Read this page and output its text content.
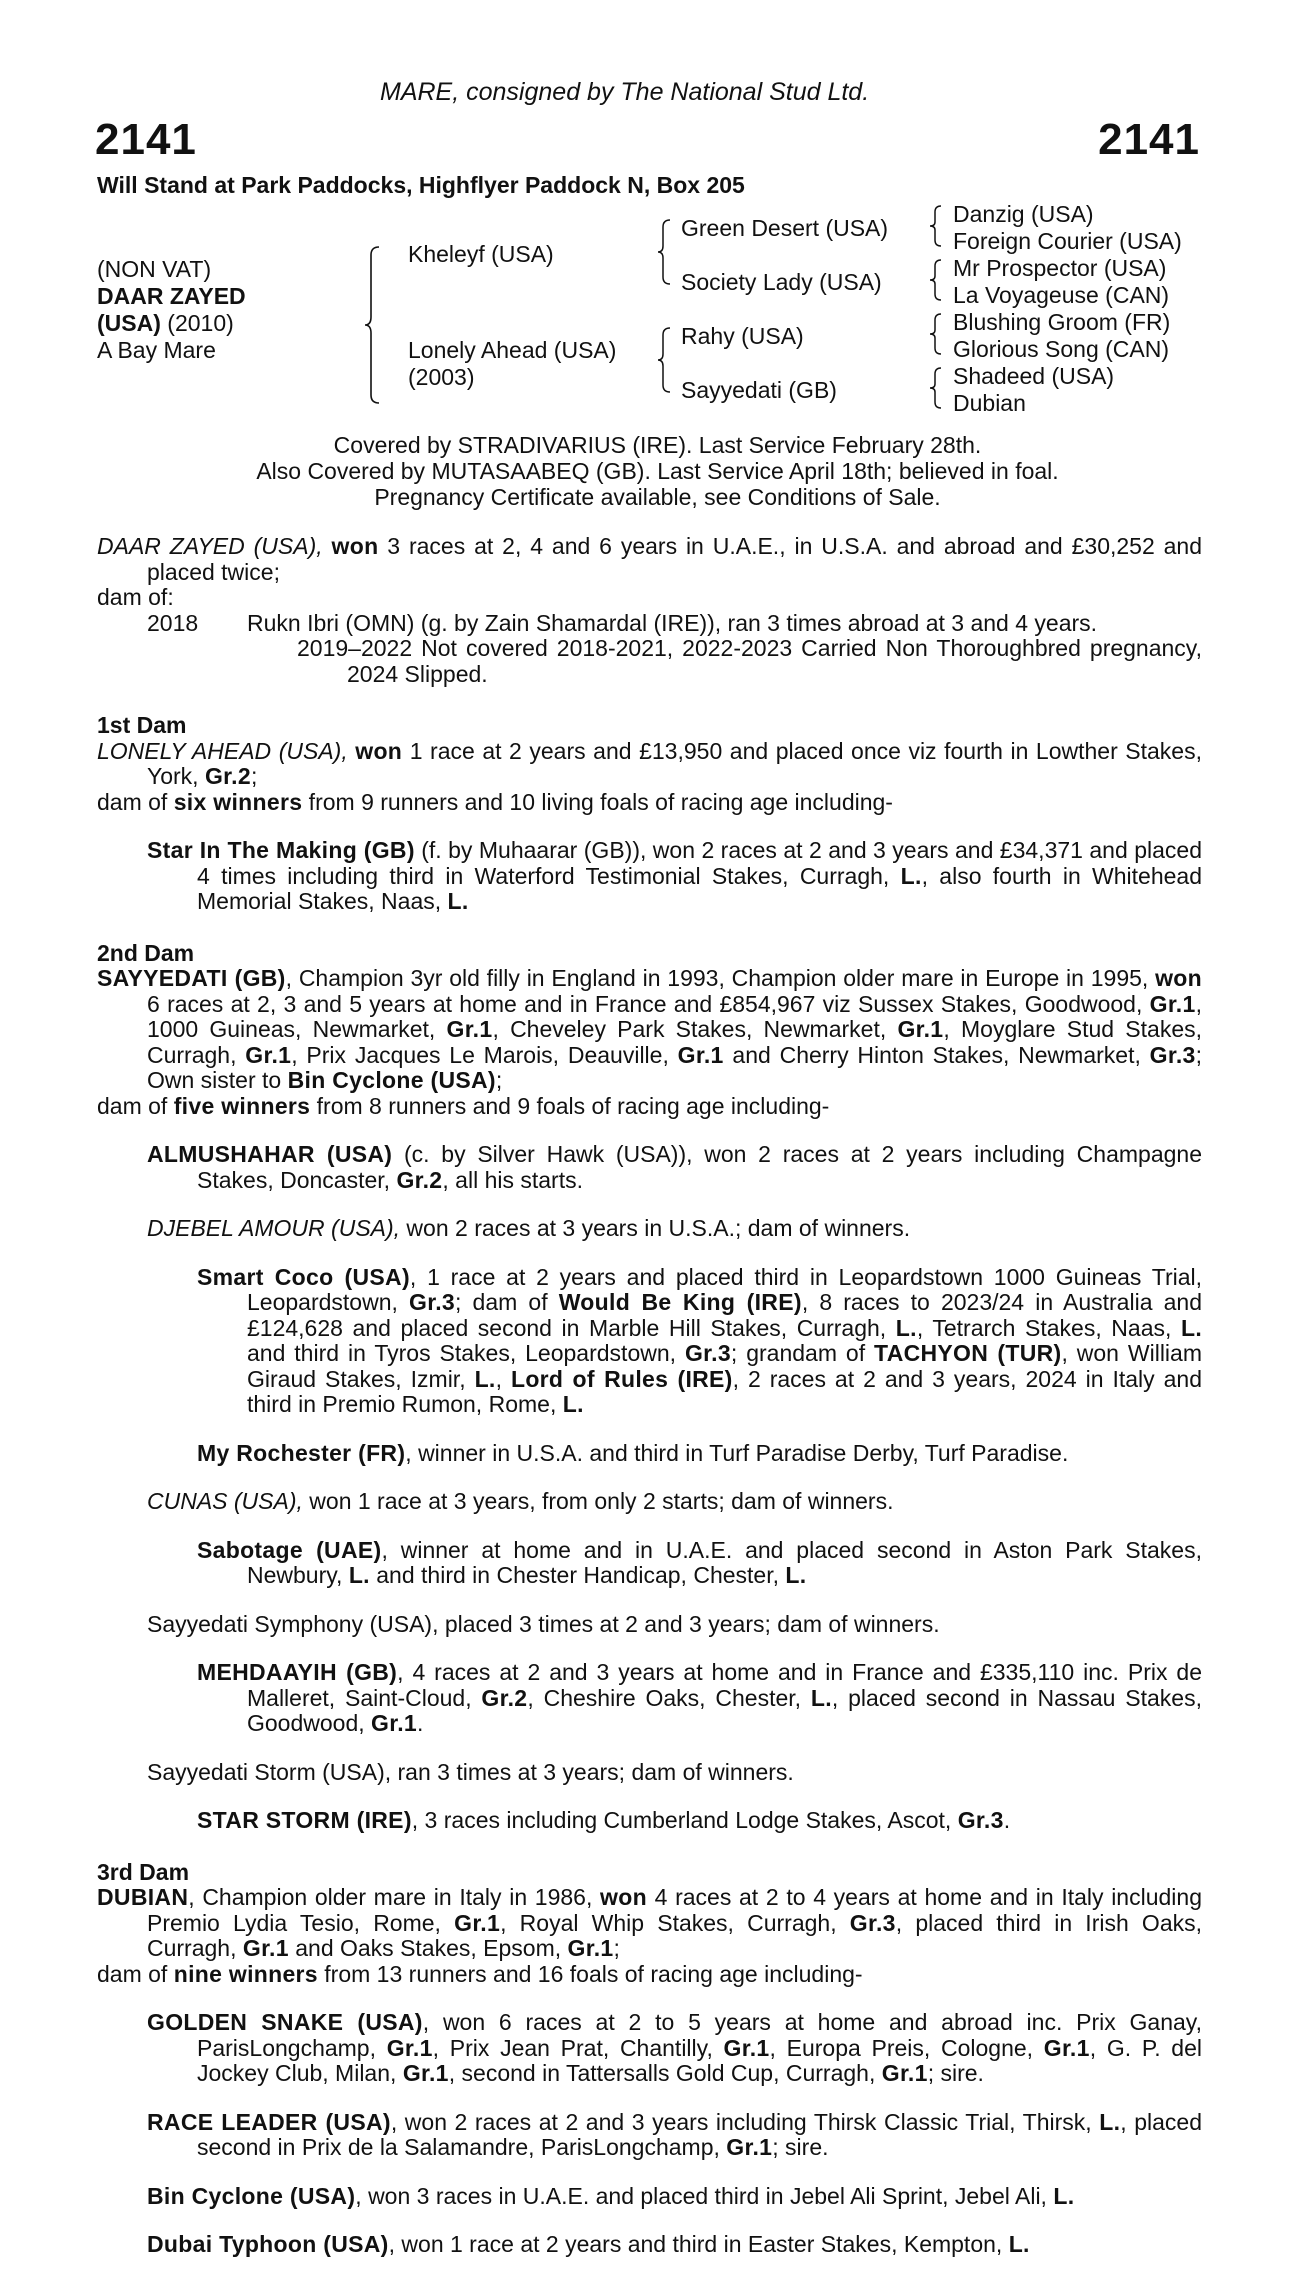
MARE, consigned by The National Stud Ltd.
2141	2141
Will Stand at Park Paddocks, Highflyer Paddock N, Box 205
(NON VAT)
DAAR ZAYED
(USA) (2010)
A Bay Mare
Kheleyf (USA)
Lonely Ahead (USA)
(2003)
Green Desert (USA)
Society Lady (USA)
Rahy (USA)
Sayyedati (GB)
Danzig (USA)
Foreign Courier (USA)
Mr Prospector (USA)
La Voyageuse (CAN)
Blushing Groom (FR)
Glorious Song (CAN)
Shadeed (USA)
Dubian
Covered by STRADIVARIUS (IRE). Last Service February 28th.
Also Covered by MUTASAABEQ (GB). Last Service April 18th; believed in foal.
Pregnancy Certificate available, see Conditions of Sale.

DAAR ZAYED (USA), won 3 races at 2, 4 and 6 years in U.A.E., in U.S.A. and abroad and £30,252 and placed twice;

dam of:

2018	Rukn Ibri (OMN) (g. by Zain Shamardal (IRE)), ran 3 times abroad at 3 and 4 years.
2019–2022 Not covered 2018-2021, 2022-2023 Carried Non Thoroughbred pregnancy, 2024 Slipped.
1st Dam

LONELY AHEAD (USA), won 1 race at 2 years and £13,950 and placed once viz fourth in Lowther Stakes, York, Gr.2;

dam of six winners from 9 runners and 10 living foals of racing age including-

Star In The Making (GB) (f. by Muhaarar (GB)), won 2 races at 2 and 3 years and £34,371 and placed 4 times including third in Waterford Testimonial Stakes, Curragh, L., also fourth in Whitehead Memorial Stakes, Naas, L.

2nd Dam

SAYYEDATI (GB), Champion 3yr old filly in England in 1993, Champion older mare in Europe in 1995, won 6 races at 2, 3 and 5 years at home and in France and £854,967 viz Sussex Stakes, Goodwood, Gr.1, 1000 Guineas, Newmarket, Gr.1, Cheveley Park Stakes, Newmarket, Gr.1, Moyglare Stud Stakes, Curragh, Gr.1, Prix Jacques Le Marois, Deauville, Gr.1 and Cherry Hinton Stakes, Newmarket, Gr.3; Own sister to Bin Cyclone (USA);

dam of five winners from 8 runners and 9 foals of racing age including-

ALMUSHAHAR (USA) (c. by Silver Hawk (USA)), won 2 races at 2 years including Champagne Stakes, Doncaster, Gr.2, all his starts.

DJEBEL AMOUR (USA), won 2 races at 3 years in U.S.A.; dam of winners.

Smart Coco (USA), 1 race at 2 years and placed third in Leopardstown 1000 Guineas Trial, Leopardstown, Gr.3; dam of Would Be King (IRE), 8 races to 2023/24 in Australia and £124,628 and placed second in Marble Hill Stakes, Curragh, L., Tetrarch Stakes, Naas, L. and third in Tyros Stakes, Leopardstown, Gr.3; grandam of TACHYON (TUR), won William Giraud Stakes, Izmir, L., Lord of Rules (IRE), 2 races at 2 and 3 years, 2024 in Italy and third in Premio Rumon, Rome, L.

My Rochester (FR), winner in U.S.A. and third in Turf Paradise Derby, Turf Paradise.

CUNAS (USA), won 1 race at 3 years, from only 2 starts; dam of winners.

Sabotage (UAE), winner at home and in U.A.E. and placed second in Aston Park Stakes, Newbury, L. and third in Chester Handicap, Chester, L.

Sayyedati Symphony (USA), placed 3 times at 2 and 3 years; dam of winners.

MEHDAAYIH (GB), 4 races at 2 and 3 years at home and in France and £335,110 inc. Prix de Malleret, Saint-Cloud, Gr.2, Cheshire Oaks, Chester, L., placed second in Nassau Stakes, Goodwood, Gr.1.

Sayyedati Storm (USA), ran 3 times at 3 years; dam of winners.

STAR STORM (IRE), 3 races including Cumberland Lodge Stakes, Ascot, Gr.3.

3rd Dam

DUBIAN, Champion older mare in Italy in 1986, won 4 races at 2 to 4 years at home and in Italy including Premio Lydia Tesio, Rome, Gr.1, Royal Whip Stakes, Curragh, Gr.3, placed third in Irish Oaks, Curragh, Gr.1 and Oaks Stakes, Epsom, Gr.1;

dam of nine winners from 13 runners and 16 foals of racing age including-

GOLDEN SNAKE (USA), won 6 races at 2 to 5 years at home and abroad inc. Prix Ganay, ParisLongchamp, Gr.1, Prix Jean Prat, Chantilly, Gr.1, Europa Preis, Cologne, Gr.1, G. P. del Jockey Club, Milan, Gr.1, second in Tattersalls Gold Cup, Curragh, Gr.1; sire.

RACE LEADER (USA), won 2 races at 2 and 3 years including Thirsk Classic Trial, Thirsk, L., placed second in Prix de la Salamandre, ParisLongchamp, Gr.1; sire.

Bin Cyclone (USA), won 3 races in U.A.E. and placed third in Jebel Ali Sprint, Jebel Ali, L.

Dubai Typhoon (USA), won 1 race at 2 years and third in Easter Stakes, Kempton, L.
